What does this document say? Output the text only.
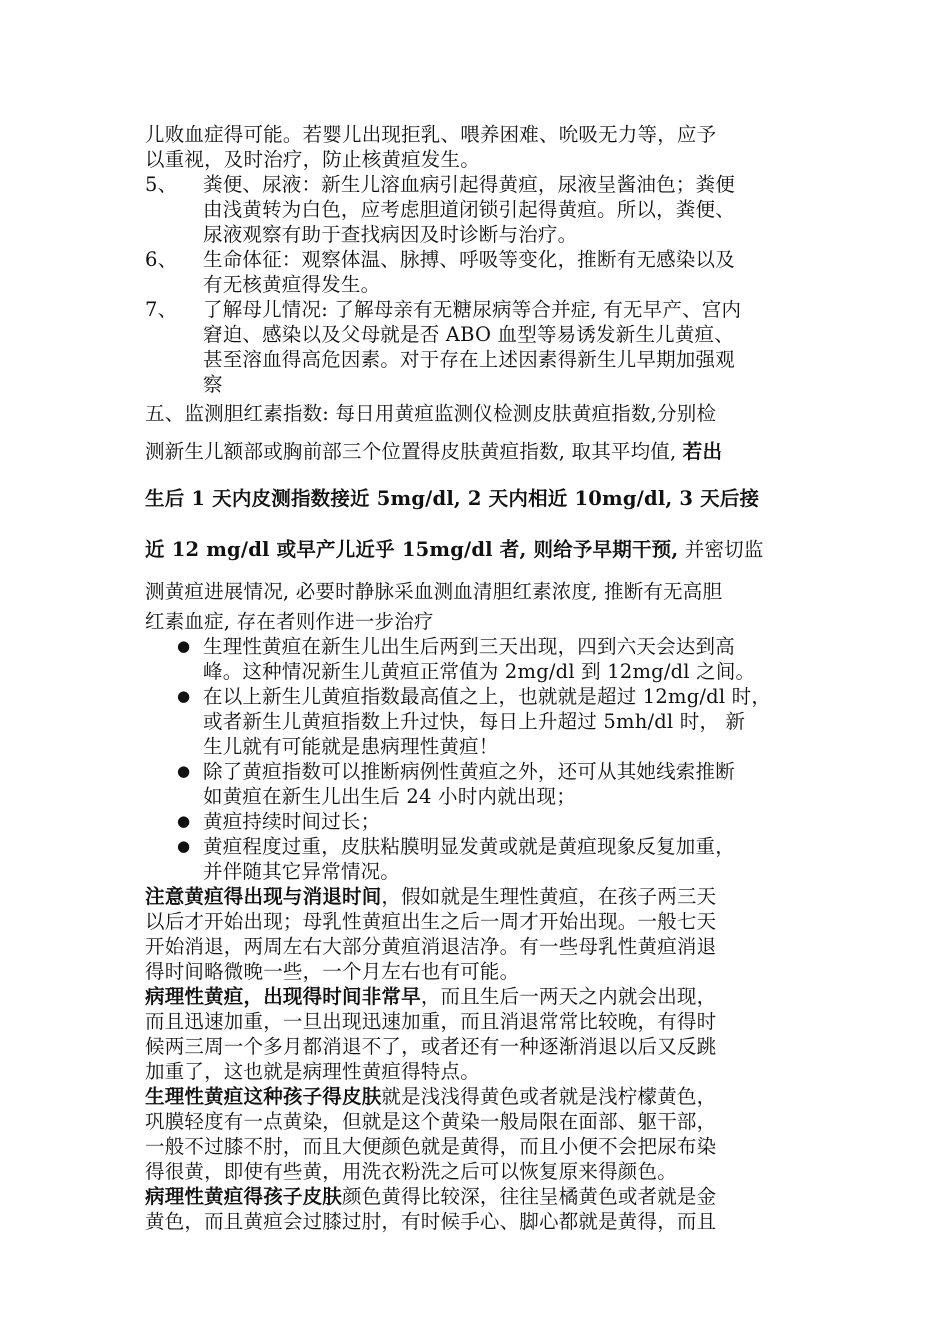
儿败血症得可能。若婴儿出现拒乳、喂养困难、吮吸无力等，应予
以重视，及时治疗，防止核黄疸发生。
5、	粪便、尿液：新生儿溶血病引起得黄疸，尿液呈酱油色；粪便
由浅黄转为白色，应考虑胆道闭锁引起得黄疸。所以，粪便、
尿液观察有助于查找病因及时诊断与治疗。
6、	生命体征：观察体温、脉搏、呼吸等变化，推断有无感染以及
有无核黄疸得发生。
7、	了解母儿情况: 了解母亲有无糖尿病等合并症, 有无早产、宫内
窘迫、感染以及父母就是否 ABO 血型等易诱发新生儿黄疸、
甚至溶血得高危因素。对于存在上述因素得新生儿早期加强观
察
五、监测胆红素指数: 每日用黄疸监测仪检测皮肤黄疸指数,分别检
测新生儿额部或胸前部三个位置得皮肤黄疸指数, 取其平均值, 若出
生后 1 天内皮测指数接近 5mg/dl, 2 天内相近 10mg/dl, 3 天后接
近 12 mg/dl 或早产儿近乎 15mg/dl 者, 则给予早期干预, 并密切监
测黄疸进展情况, 必要时静脉采血测血清胆红素浓度, 推断有无高胆
红素血症, 存在者则作进一步治疗
● 生理性黄疸在新生儿出生后两到三天出现，四到六天会达到高
峰。这种情况新生儿黄疸正常值为 2mg/dl 到 12mg/dl 之间。
● 在以上新生儿黄疸指数最高值之上，也就就是超过 12mg/dl 时，
或者新生儿黄疸指数上升过快，每日上升超过 5mh/dl 时， 新
生儿就有可能就是患病理性黄疸！
● 除了黄疸指数可以推断病例性黄疸之外，还可从其她线索推断
如黄疸在新生儿出生后 24 小时内就出现；
● 黄疸持续时间过长；
● 黄疸程度过重，皮肤粘膜明显发黄或就是黄疸现象反复加重，
并伴随其它异常情况。
注意黄疸得出现与消退时间，假如就是生理性黄疸，在孩子两三天
以后才开始出现；母乳性黄疸出生之后一周才开始出现。一般七天
开始消退，两周左右大部分黄疸消退洁净。有一些母乳性黄疸消退
得时间略微晚一些，一个月左右也有可能。
病理性黄疸，出现得时间非常早，而且生后一两天之内就会出现，
而且迅速加重，一旦出现迅速加重，而且消退常常比较晚，有得时
候两三周一个多月都消退不了，或者还有一种逐渐消退以后又反跳
加重了，这也就是病理性黄疸得特点。
生理性黄疸这种孩子得皮肤就是浅浅得黄色或者就是浅柠檬黄色，
巩膜轻度有一点黄染，但就是这个黄染一般局限在面部、躯干部，
一般不过膝不肘，而且大便颜色就是黄得，而且小便不会把尿布染
得很黄，即使有些黄，用洗衣粉洗之后可以恢复原来得颜色。
病理性黄疸得孩子皮肤颜色黄得比较深，往往呈橘黄色或者就是金
黄色，而且黄疸会过膝过肘，有时候手心、脚心都就是黄得，而且
